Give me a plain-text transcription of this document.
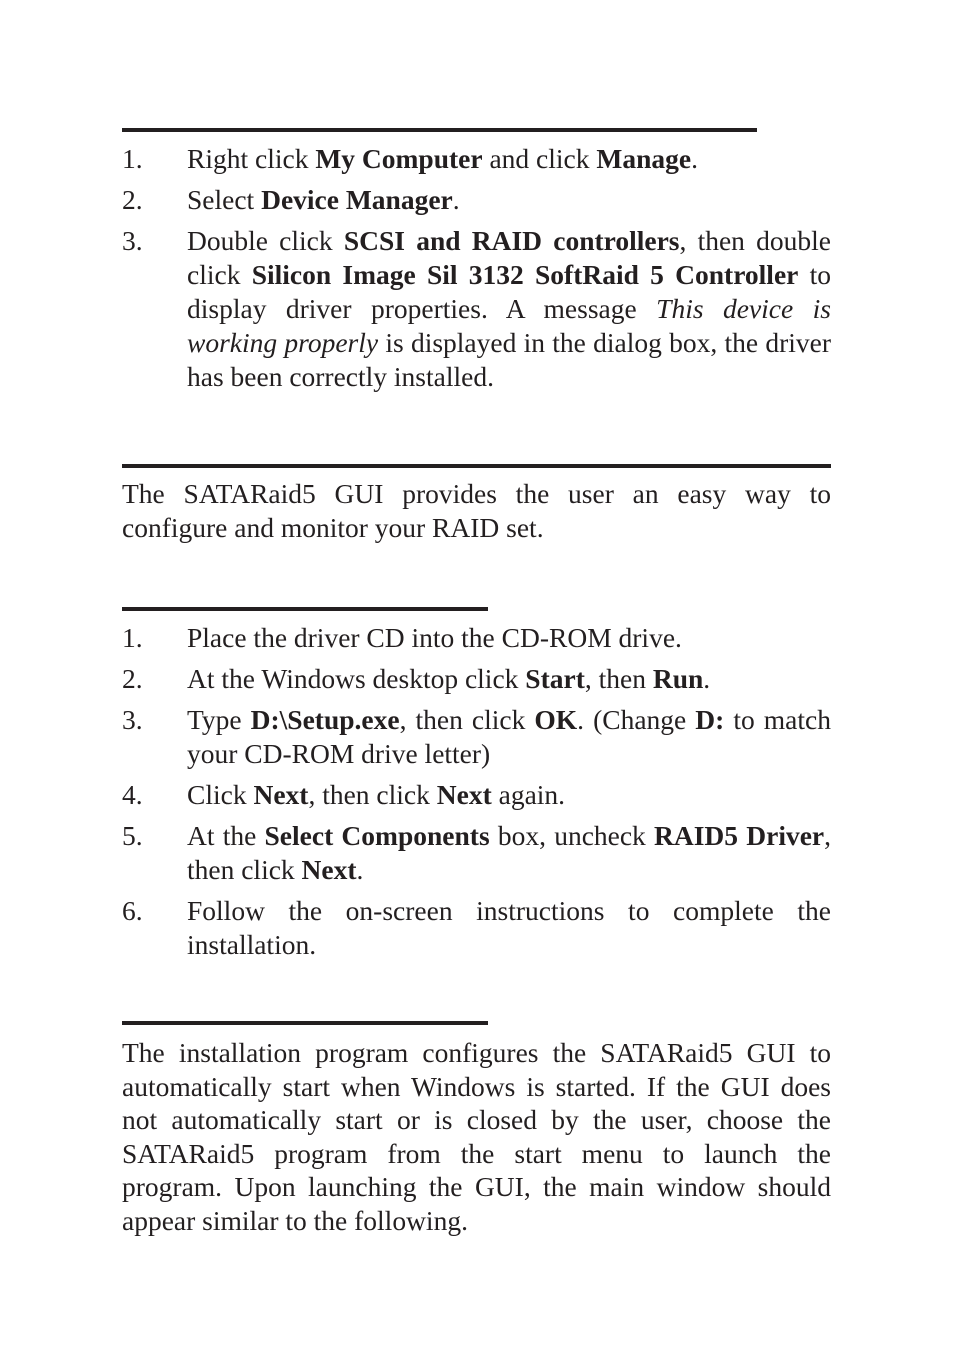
1.	Right click My Computer and click Manage.
2.	Select Device Manager.
3.	Double click SCSI and RAID controllers, then double click Silicon Image Sil 3132 SoftRaid 5 Controller to display driver properties. A message This device is working properly is displayed in the dialog box, the driver has been correctly installed.

The SATARaid5 GUI provides the user an easy way to configure and monitor your RAID set.

1.	Place the driver CD into the CD-ROM drive.
2.	At the Windows desktop click Start, then Run.
3.	Type D:\Setup.exe, then click OK. (Change D: to match your CD-ROM drive letter)
4.	Click Next, then click Next again.
5.	At the Select Components box, uncheck RAID5 Driver, then click Next.
6.	Follow the on-screen instructions to complete the installation.

The installation program configures the SATARaid5 GUI to automatically start when Windows is started. If the GUI does not automatically start or is closed by the user, choose the SATARaid5 program from the start menu to launch the program. Upon launching the GUI, the main window should appear similar to the following.
